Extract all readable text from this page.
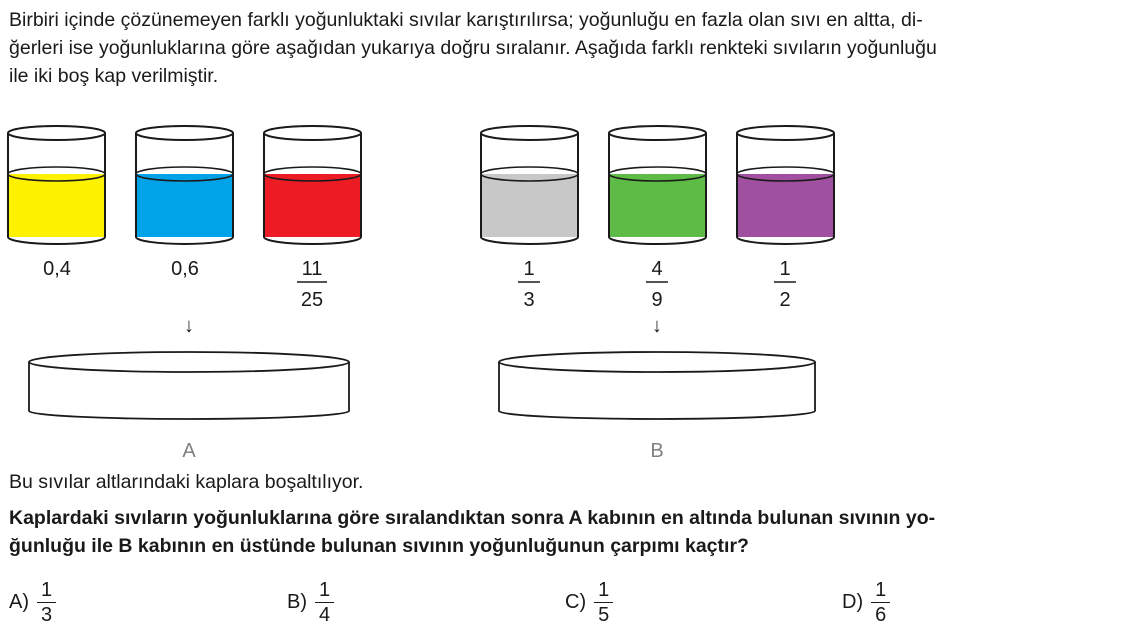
Birbiri içinde çözünemeyen farklı yoğunluktaki sıvılar karıştırılırsa; yoğunluğu en fazla olan sıvı en altta, di-
ğerleri ise yoğunluklarına göre aşağıdan yukarıya doğru sıralanır. Aşağıda farklı renkteki sıvıların yoğunluğu
ile iki boş kap verilmiştir.

0,4	0,6	11
25
1
3
4
9
1
2
↓	↓
A	B
Bu sıvılar altlarındaki kaplara boşaltılıyor.
Kaplardaki sıvıların yoğunluklarına göre sıralandıktan sonra A kabının en altında bulunan sıvının yo-
ğunluğu ile B kabının en üstünde bulunan sıvının yoğunluğunun çarpımı kaçtır?
$A) \frac{1}{3}$	$B) \frac{1}{4}$	$C) \frac{1}{5}$	$D) \frac{1}{6}$
